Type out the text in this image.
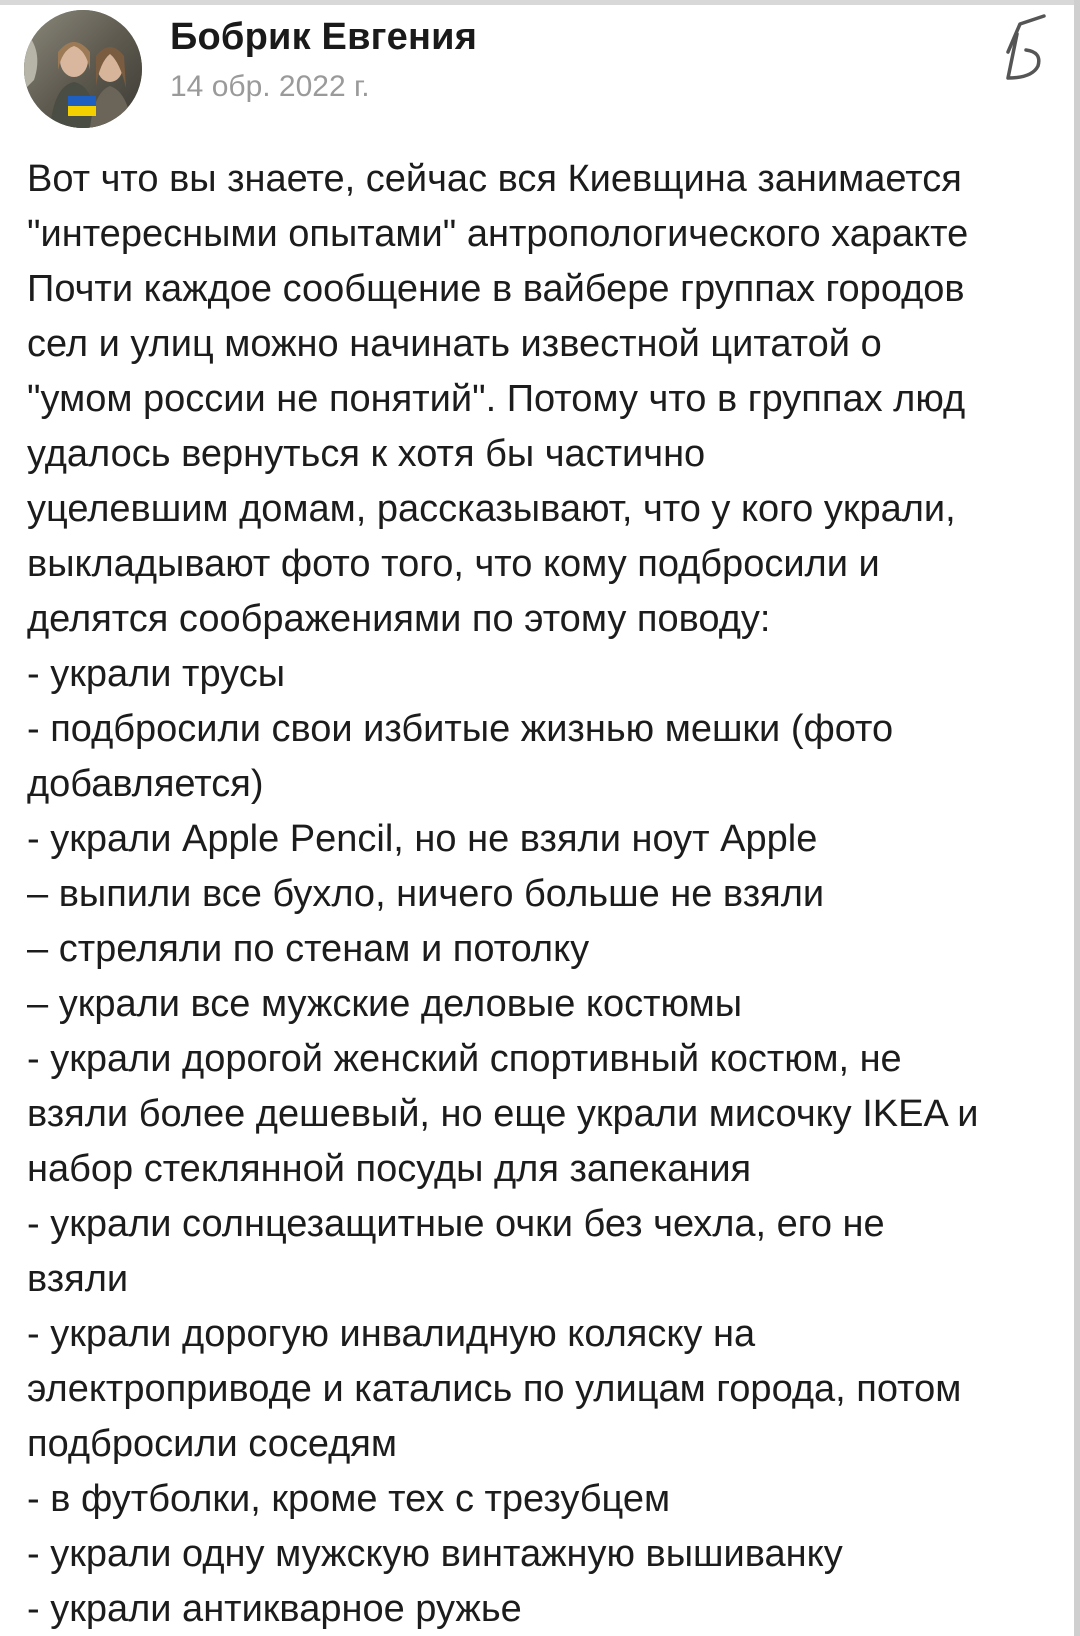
Бобрик Евгения
14 обр. 2022 г.
Вот что вы знаете, сейчас вся Киевщина занимается
"интересными опытами" антропологического характе
Почти каждое сообщение в вайбере группах городов
сел и улиц можно начинать известной цитатой о
"умом россии не понятий". Потому что в группах люд
удалось вернуться к хотя бы частично
уцелевшим домам, рассказывают, что у кого украли,
выкладывают фото того, что кому подбросили и
делятся соображениями по этому поводу:
- украли трусы
- подбросили свои избитые жизнью мешки (фото
добавляется)
- украли Apple Pencil, но не взяли ноут Apple
– выпили все бухло, ничего больше не взяли
– стреляли по стенам и потолку
– украли все мужские деловые костюмы
- украли дорогой женский спортивный костюм, не
взяли более дешевый, но еще украли мисочку IKEA и
набор стеклянной посуды для запекания
- украли солнцезащитные очки без чехла, его не
взяли
- украли дорогую инвалидную коляску на
электроприводе и катались по улицам города, потом
подбросили соседям
- в футболки, кроме тех с трезубцем
- украли одну мужскую винтажную вышиванку
- украли антикварное ружье
